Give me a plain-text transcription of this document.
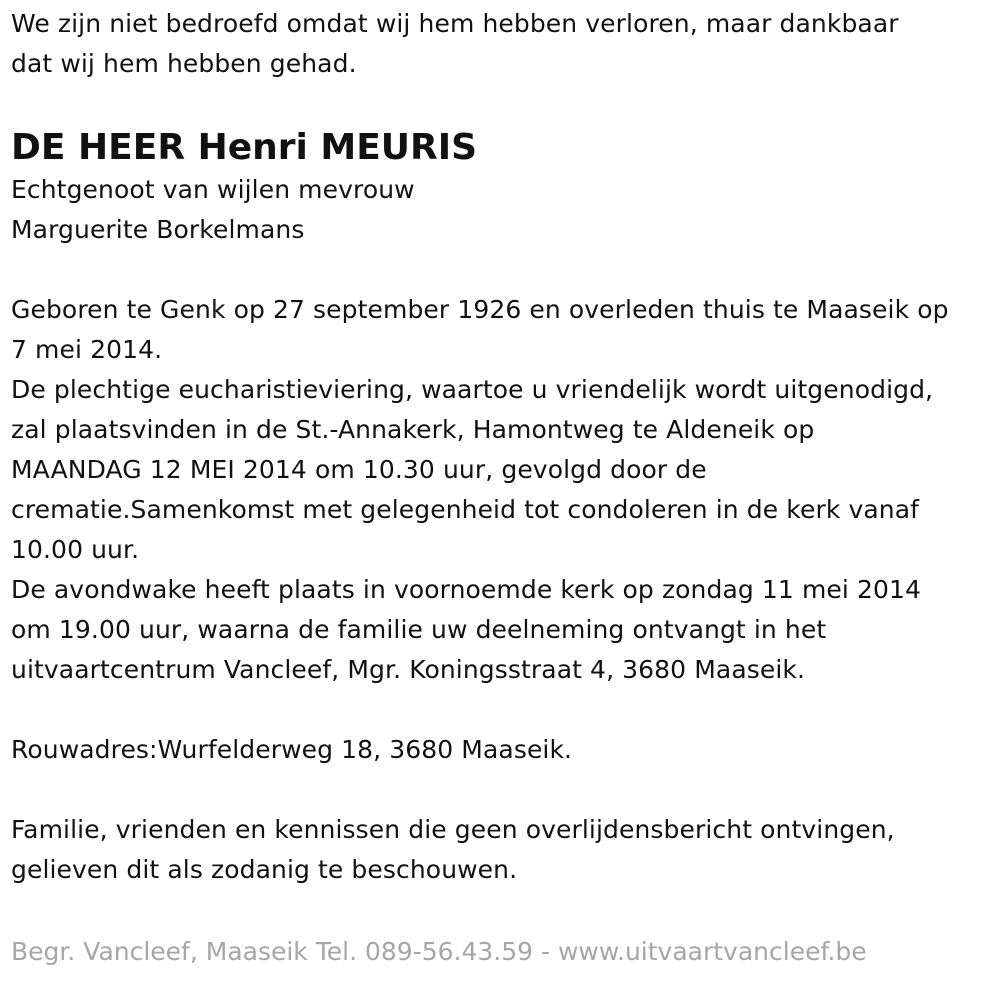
We zijn niet bedroefd omdat wij hem hebben verloren, maar dankbaar
dat wij hem hebben gehad.
DE HEER Henri MEURIS
Echtgenoot van wijlen mevrouw
Marguerite Borkelmans
Geboren te Genk op 27 september 1926 en overleden thuis te Maaseik op
7 mei 2014.
De plechtige eucharistieviering, waartoe u vriendelijk wordt uitgenodigd,
zal plaatsvinden in de St.-Annakerk, Hamontweg te Aldeneik op
MAANDAG 12 MEI 2014 om 10.30 uur, gevolgd door de
crematie.Samenkomst met gelegenheid tot condoleren in de kerk vanaf
10.00 uur.
De avondwake heeft plaats in voornoemde kerk op zondag 11 mei 2014
om 19.00 uur, waarna de familie uw deelneming ontvangt in het
uitvaartcentrum Vancleef, Mgr. Koningsstraat 4, 3680 Maaseik.
Rouwadres:Wurfelderweg 18, 3680 Maaseik.
Familie, vrienden en kennissen die geen overlijdensbericht ontvingen,
gelieven dit als zodanig te beschouwen.
Begr. Vancleef, Maaseik Tel. 089-56.43.59 - www.uitvaartvancleef.be
